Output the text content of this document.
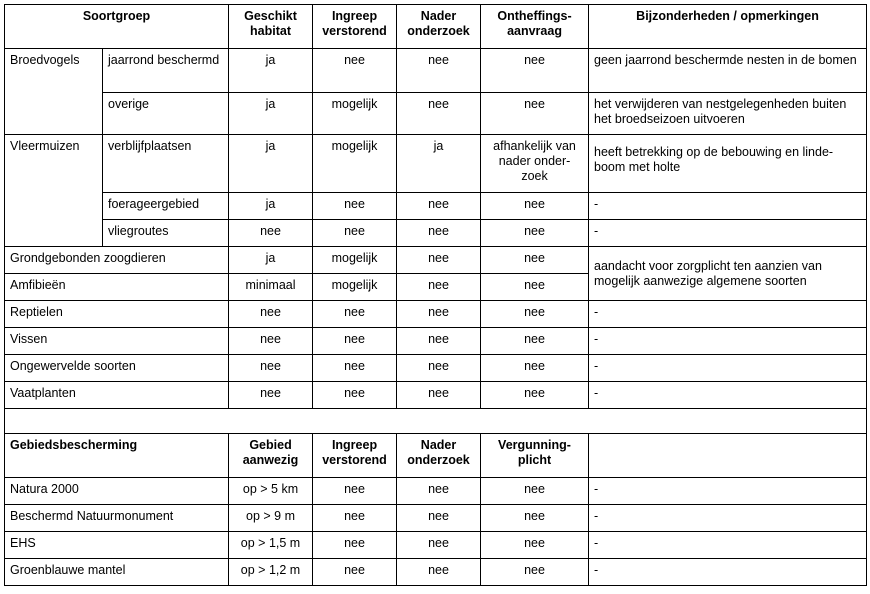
Soortgroep		Geschikt habitat	Ingreep verstorend	Nader onderzoek	Ontheffings- aanvraag	Bijzonderheden / opmerkingen
Broedvogels	jaarrond beschermd	ja	nee	nee	nee	geen jaarrond beschermde nesten in de bomen
	overige	ja	mogelijk	nee	nee	het verwijderen van nestgelegenheden buiten het broedseizoen uitvoeren
Vleermuizen	verblijfplaatsen	ja	mogelijk	ja	afhankelijk van nader onder- zoek	heeft betrekking op de bebouwing en linde- boom met holte
	foerageergebied	ja	nee	nee	nee	-
	vliegroutes	nee	nee	nee	nee	-
Grondgebonden zoogdieren		ja	mogelijk	nee	nee	aandacht voor zorgplicht ten aanzien van mogelijk aanwezige algemene soorten
Amfibieën		minimaal	mogelijk	nee	nee	
Reptielen		nee	nee	nee	nee	-
Vissen		nee	nee	nee	nee	-
Ongewervelde soorten		nee	nee	nee	nee	-
Vaatplanten		nee	nee	nee	nee	-

Gebiedsbescherming		Gebied aanwezig	Ingreep verstorend	Nader onderzoek	Vergunning- plicht	
Natura 2000		op > 5 km	nee	nee	nee	-
Beschermd Natuurmonument		op > 9 m	nee	nee	nee	-
EHS		op > 1,5 m	nee	nee	nee	-
Groenblauwe mantel		op > 1,2 m	nee	nee	nee	-
